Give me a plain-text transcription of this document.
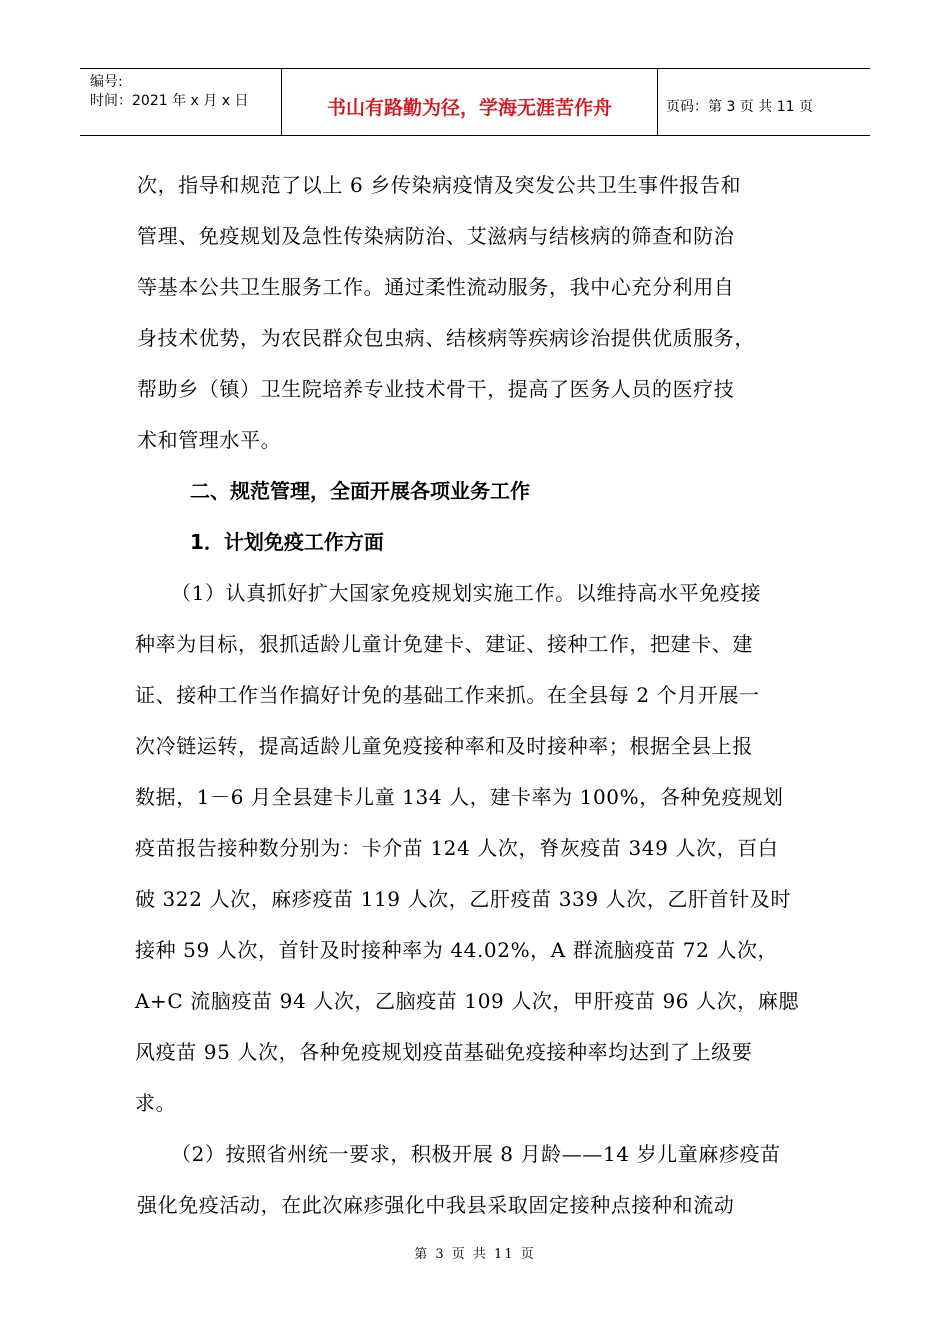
编号:
时间：2021 年 x 月 x 日	书山有路勤为径，学海无涯苦作舟	页码：第 3 页 共 11 页
次，指导和规范了以上 6 乡传染病疫情及突发公共卫生事件报告和
管理、免疫规划及急性传染病防治、艾滋病与结核病的筛查和防治
等基本公共卫生服务工作。通过柔性流动服务，我中心充分利用自
身技术优势，为农民群众包虫病、结核病等疾病诊治提供优质服务，
帮助乡（镇）卫生院培养专业技术骨干，提高了医务人员的医疗技
术和管理水平。
二、规范管理，全面开展各项业务工作
1．计划免疫工作方面
（1）认真抓好扩大国家免疫规划实施工作。以维持高水平免疫接
种率为目标，狠抓适龄儿童计免建卡、建证、接种工作，把建卡、建
证、接种工作当作搞好计免的基础工作来抓。在全县每 2 个月开展一
次冷链运转，提高适龄儿童免疫接种率和及时接种率；根据全县上报
数据，1－6 月全县建卡儿童 134 人，建卡率为 100%，各种免疫规划
疫苗报告接种数分别为：卡介苗 124 人次，脊灰疫苗 349 人次，百白
破 322 人次，麻疹疫苗 119 人次，乙肝疫苗 339 人次，乙肝首针及时
接种 59 人次，首针及时接种率为 44.02%，A 群流脑疫苗 72 人次，
A+C 流脑疫苗 94 人次，乙脑疫苗 109 人次，甲肝疫苗 96 人次，麻腮
风疫苗 95 人次，各种免疫规划疫苗基础免疫接种率均达到了上级要
求。
（2）按照省州统一要求，积极开展 8 月龄——14 岁儿童麻疹疫苗
强化免疫活动，在此次麻疹强化中我县采取固定接种点接种和流动
第 3 页 共 11 页
